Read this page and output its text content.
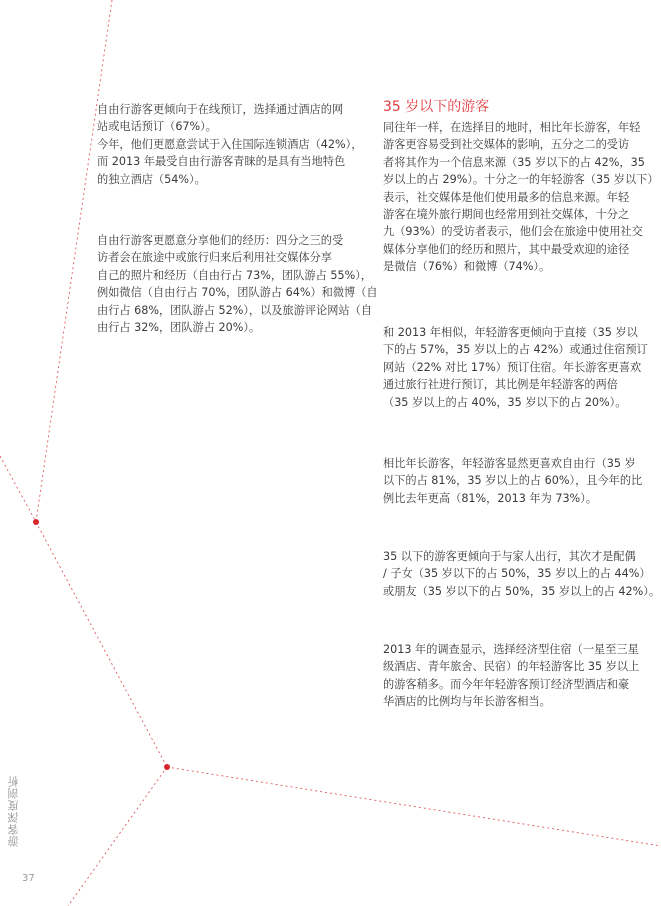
自由行游客更倾向于在线预订，选择通过酒店的网
站或电话预订（67%）。
今年，他们更愿意尝试于入住国际连锁酒店（42%），
而 2013 年最受自由行游客青睐的是具有当地特色
的独立酒店（54%）。

自由行游客更愿意分享他们的经历：四分之三的受
访者会在旅途中或旅行归来后利用社交媒体分享
自己的照片和经历（自由行占 73%，团队游占 55%），
例如微信（自由行占 70%，团队游占 64%）和微博（自
由行占 68%，团队游占 52%），以及旅游评论网站（自
由行占 32%，团队游占 20%）。

35 岁以下的游客

同往年一样，在选择目的地时，相比年长游客，年轻
游客更容易受到社交媒体的影响，五分之二的受访
者将其作为一个信息来源（35 岁以下的占 42%，35
岁以上的占 29%）。十分之一的年轻游客（35 岁以下）
表示，社交媒体是他们使用最多的信息来源。年轻
游客在境外旅行期间也经常用到社交媒体，十分之
九（93%）的受访者表示，他们会在旅途中使用社交
媒体分享他们的经历和照片，其中最受欢迎的途径
是微信（76%）和微博（74%）。

和 2013 年相似，年轻游客更倾向于直接（35 岁以
下的占 57%，35 岁以上的占 42%）或通过住宿预订
网站（22% 对比 17%）预订住宿。年长游客更喜欢
通过旅行社进行预订，其比例是年轻游客的两倍
（35 岁以上的占 40%，35 岁以下的占 20%）。

相比年长游客，年轻游客显然更喜欢自由行（35 岁
以下的占 81%，35 岁以上的占 60%），且今年的比
例比去年更高（81%，2013 年为 73%）。

35 以下的游客更倾向于与家人出行，其次才是配偶
/ 子女（35 岁以下的占 50%，35 岁以上的占 44%）
或朋友（35 岁以下的占 50%，35 岁以上的占 42%）。

2013 年的调查显示，选择经济型住宿（一星至三星
级酒店、青年旅舍、民宿）的年轻游客比 35 岁以上
的游客稍多。而今年年轻游客预订经济型酒店和豪
华酒店的比例均与年长游客相当。

游客深度剖析
37
